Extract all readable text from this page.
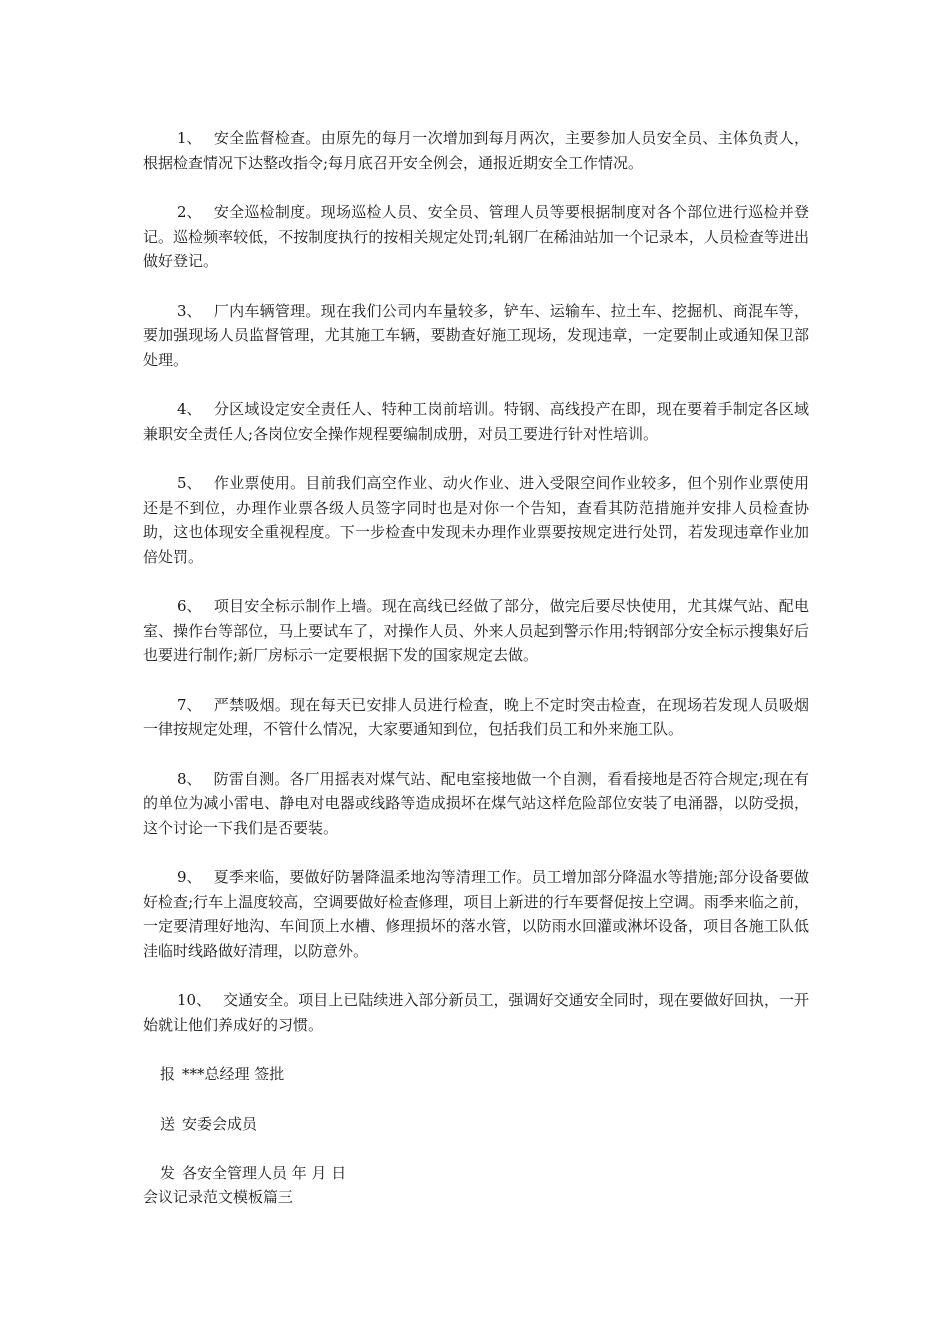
1、 安全监督检查。由原先的每月一次增加到每月两次，主要参加人员安全员、主体负责人，根据检查情况下达整改指令;每月底召开安全例会，通报近期安全工作情况。

2、 安全巡检制度。现场巡检人员、安全员、管理人员等要根据制度对各个部位进行巡检并登记。巡检频率较低，不按制度执行的按相关规定处罚;轧钢厂在稀油站加一个记录本，人员检查等进出做好登记。

3、 厂内车辆管理。现在我们公司内车量较多，铲车、运输车、拉土车、挖掘机、商混车等，要加强现场人员监督管理，尤其施工车辆，要勘查好施工现场，发现违章，一定要制止或通知保卫部处理。

4、 分区域设定安全责任人、特种工岗前培训。特钢、高线投产在即，现在要着手制定各区域兼职安全责任人;各岗位安全操作规程要编制成册，对员工要进行针对性培训。

5、 作业票使用。目前我们高空作业、动火作业、进入受限空间作业较多，但个别作业票使用还是不到位，办理作业票各级人员签字同时也是对你一个告知，查看其防范措施并安排人员检查协助，这也体现安全重视程度。下一步检查中发现未办理作业票要按规定进行处罚，若发现违章作业加倍处罚。

6、 项目安全标示制作上墙。现在高线已经做了部分，做完后要尽快使用，尤其煤气站、配电室、操作台等部位，马上要试车了，对操作人员、外来人员起到警示作用;特钢部分安全标示搜集好后也要进行制作;新厂房标示一定要根据下发的国家规定去做。

7、 严禁吸烟。现在每天已安排人员进行检查，晚上不定时突击检查，在现场若发现人员吸烟一律按规定处理，不管什么情况，大家要通知到位，包括我们员工和外来施工队。

8、 防雷自测。各厂用摇表对煤气站、配电室接地做一个自测，看看接地是否符合规定;现在有的单位为减小雷电、静电对电器或线路等造成损坏在煤气站这样危险部位安装了电涌器，以防受损，这个讨论一下我们是否要装。

9、 夏季来临，要做好防暑降温柔地沟等清理工作。员工增加部分降温水等措施;部分设备要做好检查;行车上温度较高，空调要做好检查修理，项目上新进的行车要督促按上空调。雨季来临之前，一定要清理好地沟、车间顶上水槽、修理损坏的落水管，以防雨水回灌或淋坏设备，项目各施工队低洼临时线路做好清理，以防意外。

10、 交通安全。项目上已陆续进入部分新员工，强调好交通安全同时，现在要做好回执，一开始就让他们养成好的习惯。

报 ***总经理 签批
送 安委会成员
发 各安全管理人员 年 月 日

会议记录范文模板篇三
